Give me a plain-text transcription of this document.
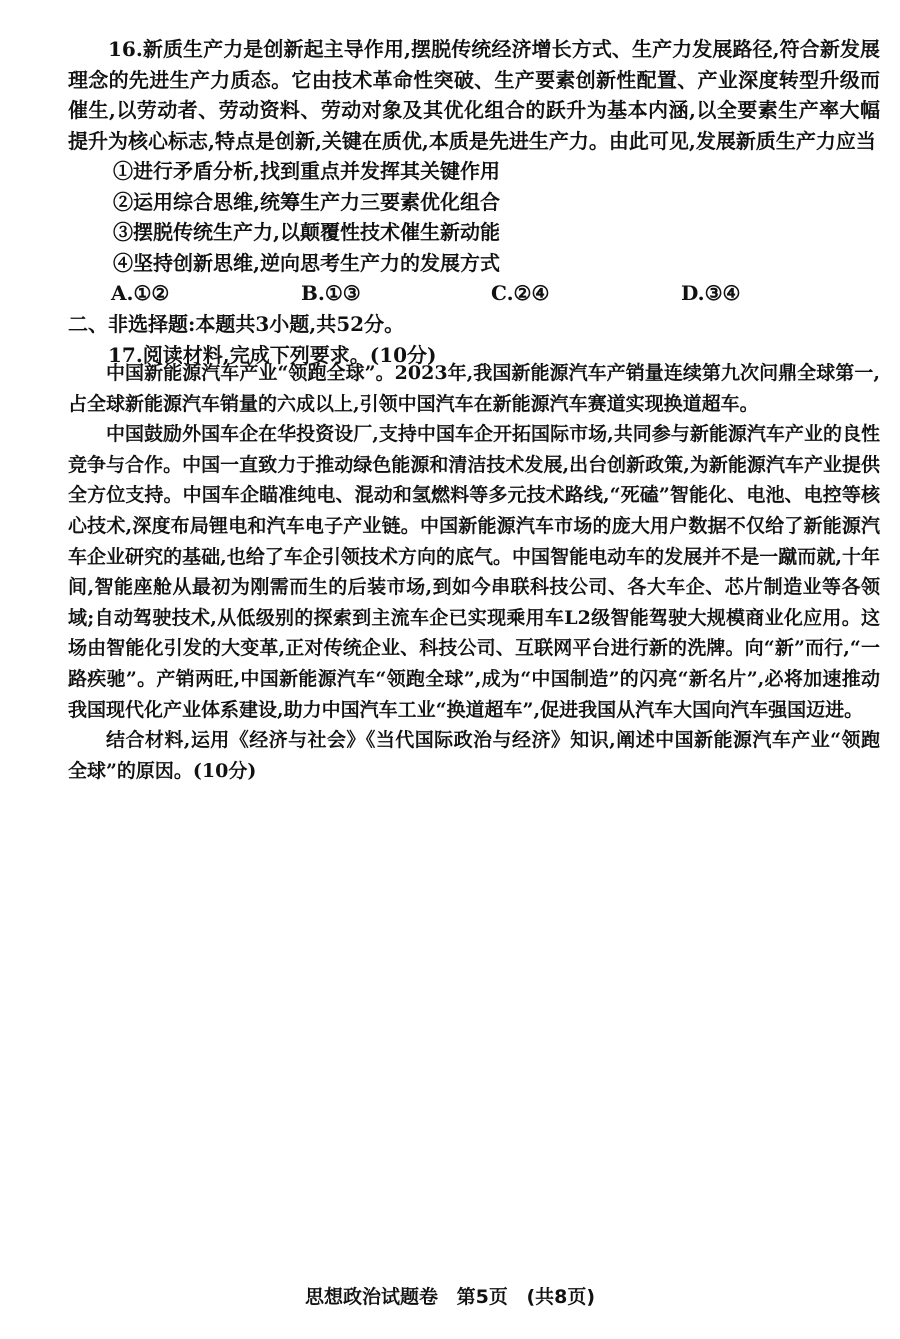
16.新质生产力是创新起主导作用,摆脱传统经济增长方式、生产力发展路径,符合新发展理念的先进生产力质态。它由技术革命性突破、生产要素创新性配置、产业深度转型升级而催生,以劳动者、劳动资料、劳动对象及其优化组合的跃升为基本内涵,以全要素生产率大幅提升为核心标志,特点是创新,关键在质优,本质是先进生产力。由此可见,发展新质生产力应当

①进行矛盾分析,找到重点并发挥其关键作用

②运用综合思维,统筹生产力三要素优化组合

③摆脱传统生产力,以颠覆性技术催生新动能

④坚持创新思维,逆向思考生产力的发展方式

A.①②	B.①③	C.②④	D.③④

二、非选择题:本题共3小题,共52分。

17.阅读材料,完成下列要求。(10分)

中国新能源汽车产业“领跑全球”。2023年,我国新能源汽车产销量连续第九次问鼎全球第一,占全球新能源汽车销量的六成以上,引领中国汽车在新能源汽车赛道实现换道超车。

中国鼓励外国车企在华投资设厂,支持中国车企开拓国际市场,共同参与新能源汽车产业的良性竞争与合作。中国一直致力于推动绿色能源和清洁技术发展,出台创新政策,为新能源汽车产业提供全方位支持。中国车企瞄准纯电、混动和氢燃料等多元技术路线,“死磕”智能化、电池、电控等核心技术,深度布局锂电和汽车电子产业链。中国新能源汽车市场的庞大用户数据不仅给了新能源汽车企业研究的基础,也给了车企引领技术方向的底气。中国智能电动车的发展并不是一蹴而就,十年间,智能座舱从最初为刚需而生的后装市场,到如今串联科技公司、各大车企、芯片制造业等各领域;自动驾驶技术,从低级别的探索到主流车企已实现乘用车L2级智能驾驶大规模商业化应用。这场由智能化引发的大变革,正对传统企业、科技公司、互联网平台进行新的洗牌。向“新”而行,“一路疾驰”。产销两旺,中国新能源汽车“领跑全球”,成为“中国制造”的闪亮“新名片”,必将加速推动我国现代化产业体系建设,助力中国汽车工业“换道超车”,促进我国从汽车大国向汽车强国迈进。

结合材料,运用《经济与社会》《当代国际政治与经济》知识,阐述中国新能源汽车产业“领跑全球”的原因。(10分)

思想政治试题卷 第5页 (共8页)
